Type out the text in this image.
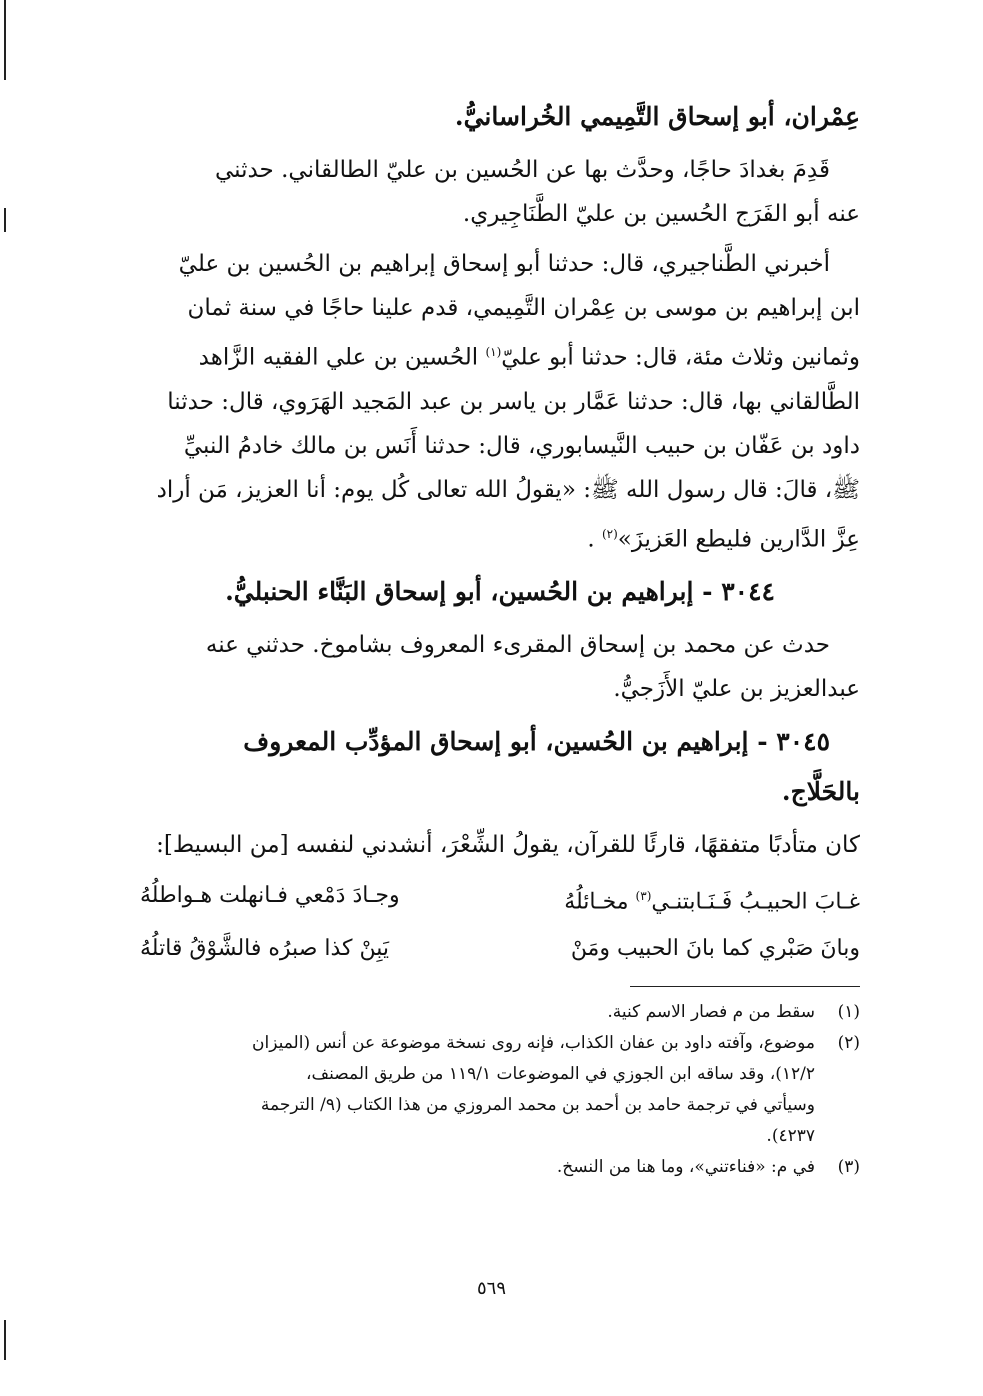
عِمْران، أبو إسحاق التَّمِيمي الخُراسانيُّ.
قَدِمَ بغدادَ حاجًا، وحدَّث بها عن الحُسين بن عليّ الطالقاني. حدثني
عنه أبو الفَرَج الحُسين بن عليّ الطَّنَاجِيري.
أخبرني الطَّناجيري، قال: حدثنا أبو إسحاق إبراهيم بن الحُسين بن عليّ
ابن إبراهيم بن موسى بن عِمْران التَّمِيمي، قدم علينا حاجًا في سنة ثمان
وثمانين وثلاث مئة، قال: حدثنا أبو عليّ$^{(١)}$ الحُسين بن علي الفقيه الزَّاهد
الطَّالقاني بها، قال: حدثنا عَمَّار بن ياسر بن عبد المَجيد الهَرَوي، قال: حدثنا
داود بن عَفّان بن حبيب النَّيسابوري، قال: حدثنا أَنَس بن مالك خادمُ النبيِّ
ﷺ، قالَ: قال رسول الله ﷺ: «يقولُ الله تعالى كُل يوم: أنا العزيز، مَن أراد
عِزَّ الدَّارين فليطع العَزيزَ»$^{(٢)}$ .
٣٠٤٤ - إبراهيم بن الحُسين، أبو إسحاق البَنَّاء الحنبليُّ.
حدث عن محمد بن إسحاق المقرىء المعروف بشاموخ. حدثني عنه
عبدالعزيز بن عليّ الأَزَجيُّ.
٣٠٤٥ - إبراهيم بن الحُسين، أبو إسحاق المؤدِّب المعروف
بالحَلَّاج.
كان متأدبًا متفقهًا، قارئًا للقرآن، يقولُ الشِّعْرَ، أنشدني لنفسه [من البسيط]:
غـابَ الحبيـبُ فَـنَـابتنـي$^{(٣)}$ مخـائلُهُ
وجـادَ دَمْعي فـانهلت هـواطلُهُ
وبانَ صَبْري كما بانَ الحبيب ومَنْ
يَبِنْ كذا صبرُه فالشَّوْقُ قاتلُهُ
(١)
سقط من م فصار الاسم كنية.
(٢)
موضوع، وآفته داود بن عفان الكذاب، فإنه روى نسخة موضوعة عن أنس (الميزان
١٢/٢)، وقد ساقه ابن الجوزي في الموضوعات ١١٩/١ من طريق المصنف،
وسيأتي في ترجمة حامد بن أحمد بن محمد المروزي من هذا الكتاب (٩/ الترجمة
٤٢٣٧).
(٣)
في م: «فناءتني»، وما هنا من النسخ.
٥٦٩
